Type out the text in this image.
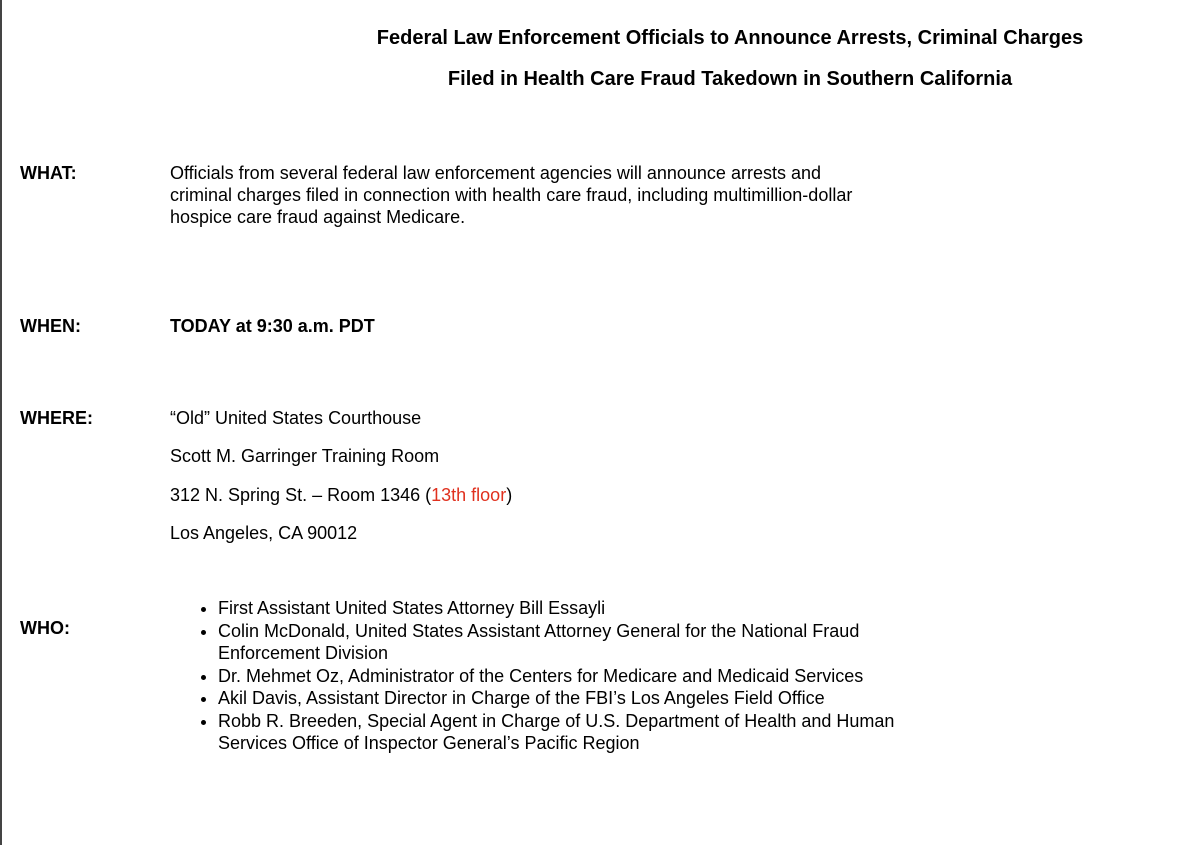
Federal Law Enforcement Officials to Announce Arrests, Criminal Charges
Filed in Health Care Fraud Takedown in Southern California
WHAT:	Officials from several federal law enforcement agencies will announce arrests and criminal charges filed in connection with health care fraud, including multimillion-dollar hospice care fraud against Medicare.
WHEN:	TODAY at 9:30 a.m. PDT
WHERE:	“Old” United States Courthouse
Scott M. Garringer Training Room
312 N. Spring St. – Room 1346 (13th floor)
Los Angeles, CA 90012
WHO:
• First Assistant United States Attorney Bill Essayli
• Colin McDonald, United States Assistant Attorney General for the National Fraud Enforcement Division
• Dr. Mehmet Oz, Administrator of the Centers for Medicare and Medicaid Services
• Akil Davis, Assistant Director in Charge of the FBI’s Los Angeles Field Office
• Robb R. Breeden, Special Agent in Charge of U.S. Department of Health and Human Services Office of Inspector General’s Pacific Region
